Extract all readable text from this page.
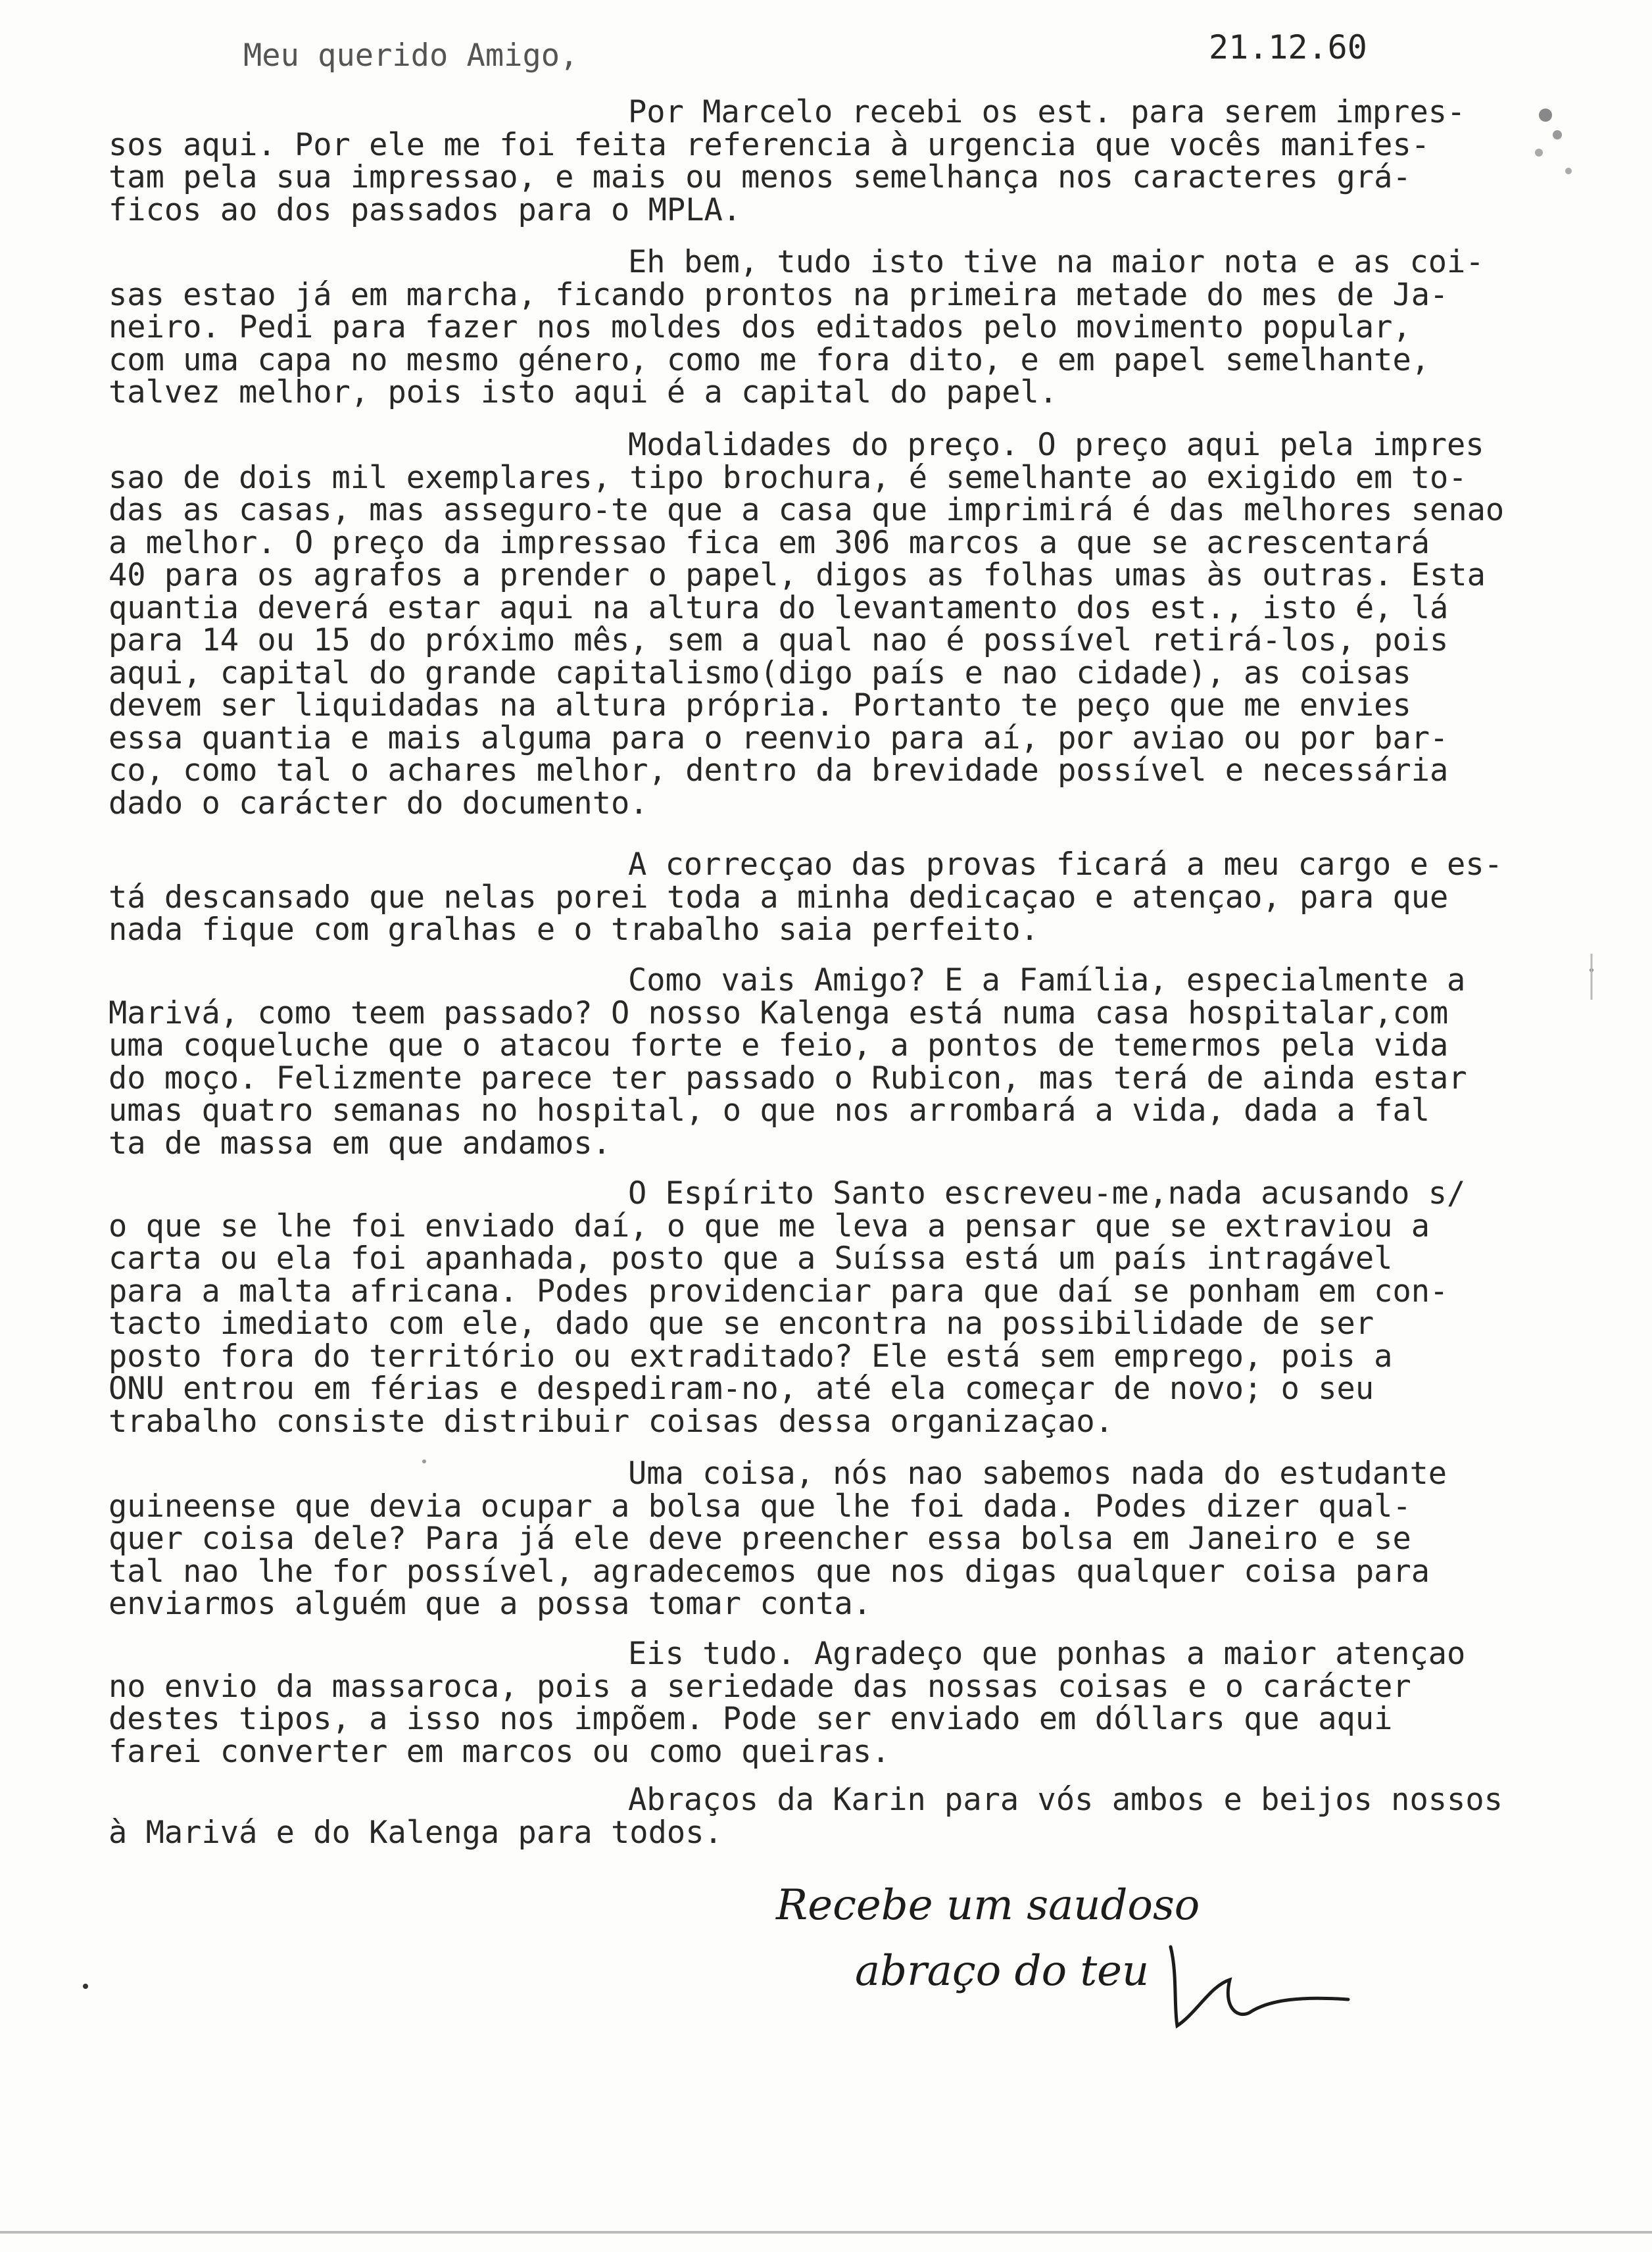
Meu querido Amigo,	21.12.60
Por Marcelo recebi os est. para serem impres-
sos aqui. Por ele me foi feita referencia à urgencia que vocês manifes-
tam pela sua impressao, e mais ou menos semelhança nos caracteres grá-
ficos ao dos passados para o MPLA.
Eh bem, tudo isto tive na maior nota e as coi-
sas estao já em marcha, ficando prontos na primeira metade do mes de Ja-
neiro. Pedi para fazer nos moldes dos editados pelo movimento popular,
com uma capa no mesmo género, como me fora dito, e em papel semelhante,
talvez melhor, pois isto aqui é a capital do papel.
Modalidades do preço. O preço aqui pela impres
sao de dois mil exemplares, tipo brochura, é semelhante ao exigido em to-
das as casas, mas asseguro-te que a casa que imprimirá é das melhores senao
a melhor. O preço da impressao fica em 306 marcos a que se acrescentará
40 para os agrafos a prender o papel, digos as folhas umas às outras. Esta
quantia deverá estar aqui na altura do levantamento dos est., isto é, lá
para 14 ou 15 do próximo mês, sem a qual nao é possível retirá-los, pois
aqui, capital do grande capitalismo(digo país e nao cidade), as coisas
devem ser liquidadas na altura própria. Portanto te peço que me envies
essa quantia e mais alguma para o reenvio para aí, por aviao ou por bar-
co, como tal o achares melhor, dentro da brevidade possível e necessária
dado o carácter do documento.
A correcçao das provas ficará a meu cargo e es-
tá descansado que nelas porei toda a minha dedicaçao e atençao, para que
nada fique com gralhas e o trabalho saia perfeito.
Como vais Amigo? E a Família, especialmente a
Marivá, como teem passado? O nosso Kalenga está numa casa hospitalar,com
uma coqueluche que o atacou forte e feio, a pontos de temermos pela vida
do moço. Felizmente parece ter passado o Rubicon, mas terá de ainda estar
umas quatro semanas no hospital, o que nos arrombará a vida, dada a fal
ta de massa em que andamos.
O Espírito Santo escreveu-me,nada acusando s/
o que se lhe foi enviado daí, o que me leva a pensar que se extraviou a
carta ou ela foi apanhada, posto que a Suíssa está um país intragável
para a malta africana. Podes providenciar para que daí se ponham em con-
tacto imediato com ele, dado que se encontra na possibilidade de ser
posto fora do território ou extraditado? Ele está sem emprego, pois a
ONU entrou em férias e despediram-no, até ela começar de novo; o seu
trabalho consiste distribuir coisas dessa organizaçao.
Uma coisa, nós nao sabemos nada do estudante
guineense que devia ocupar a bolsa que lhe foi dada. Podes dizer qual-
quer coisa dele? Para já ele deve preencher essa bolsa em Janeiro e se
tal nao lhe for possível, agradecemos que nos digas qualquer coisa para
enviarmos alguém que a possa tomar conta.
Eis tudo. Agradeço que ponhas a maior atençao
no envio da massaroca, pois a seriedade das nossas coisas e o carácter
destes tipos, a isso nos impõem. Pode ser enviado em dóllars que aqui
farei converter em marcos ou como queiras.
Abraços da Karin para vós ambos e beijos nossos
à Marivá e do Kalenga para todos.
Recebe um saudoso
abraço do teu
